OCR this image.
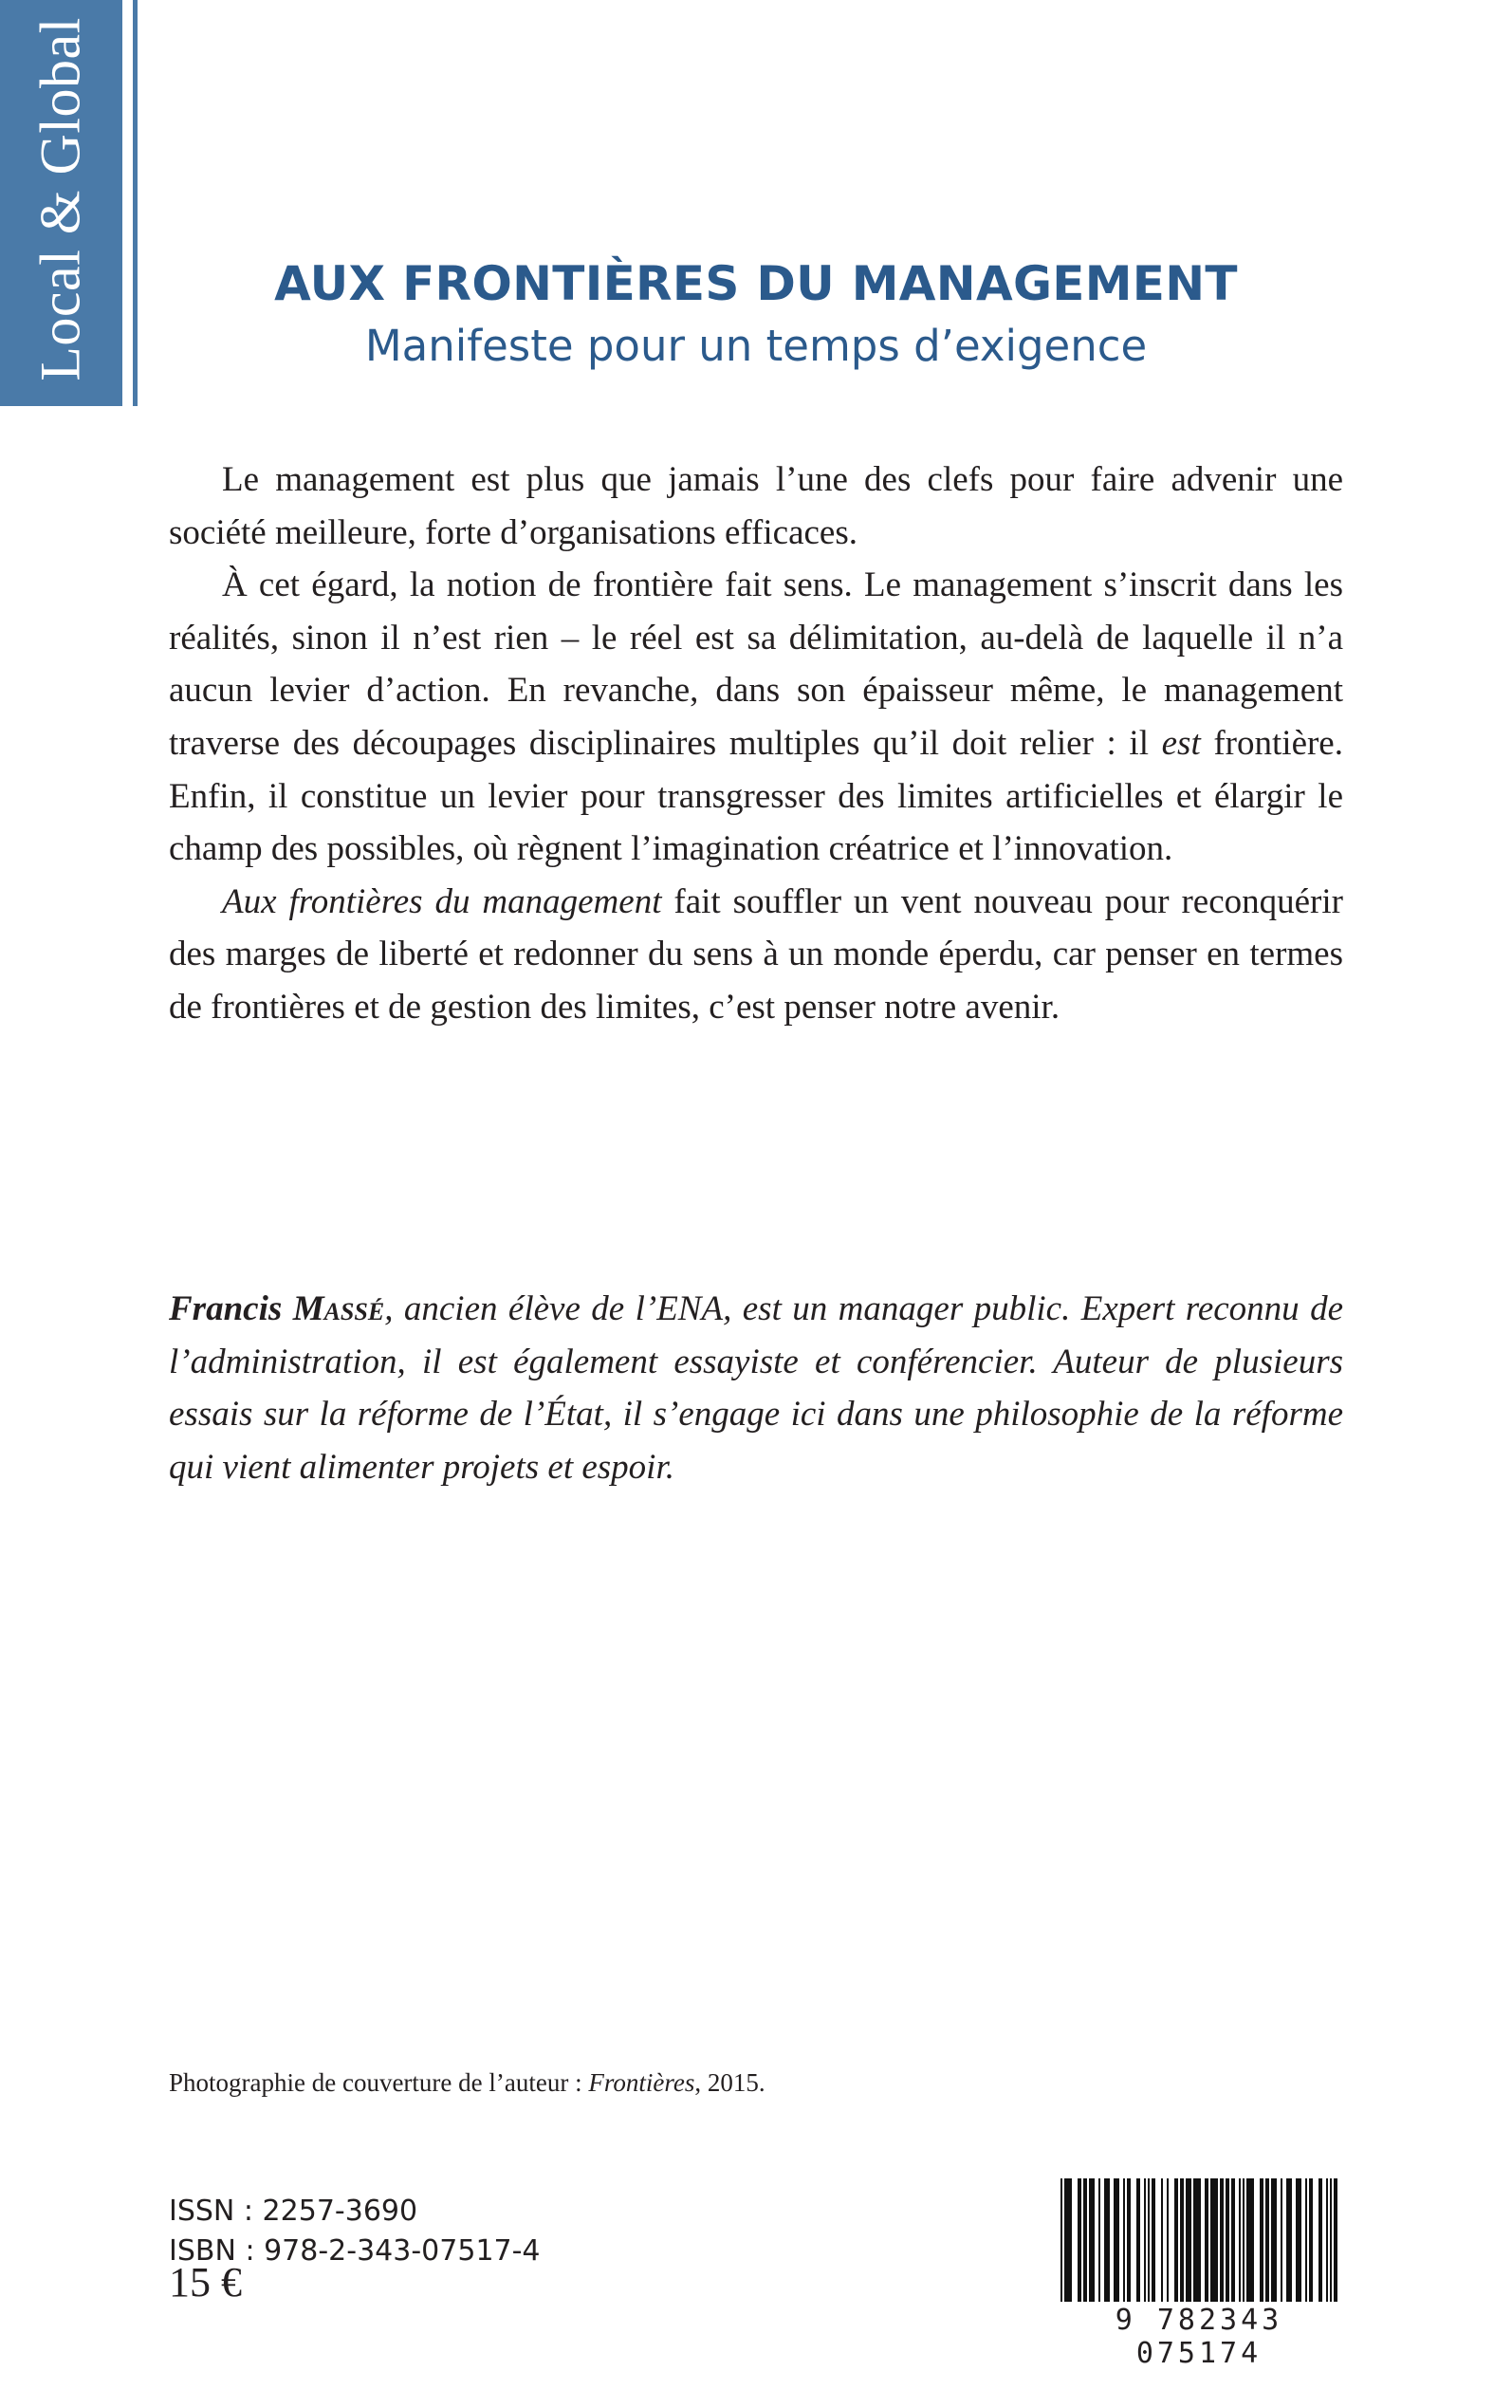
Local & Global	AUX FRONTIÈRES DU MANAGEMENT
Manifeste pour un temps d’exigence

Le management est plus que jamais l’une des clefs pour faire advenir une société meilleure, forte d’organisations efficaces.

À cet égard, la notion de frontière fait sens. Le management s’inscrit dans les réalités, sinon il n’est rien – le réel est sa délimitation, au-delà de laquelle il n’a aucun levier d’action. En revanche, dans son épaisseur même, le management traverse des découpages disciplinaires multiples qu’il doit relier : il est frontière. Enfin, il constitue un levier pour transgresser des limites artificielles et élargir le champ des possibles, où règnent l’imagination créatrice et l’innovation.

Aux frontières du management fait souffler un vent nouveau pour reconquérir des marges de liberté et redonner du sens à un monde éperdu, car penser en termes de frontières et de gestion des limites, c’est penser notre avenir.

Francis Massé, ancien élève de l’ENA, est un manager public. Expert reconnu de l’administration, il est également essayiste et conférencier. Auteur de plusieurs essais sur la réforme de l’État, il s’engage ici dans une philosophie de la réforme qui vient alimenter projets et espoir.

Photographie de couverture de l’auteur : Frontières, 2015.
ISSN : 2257-3690
ISBN : 978-2-343-07517-4
15 €
9 782343 075174
